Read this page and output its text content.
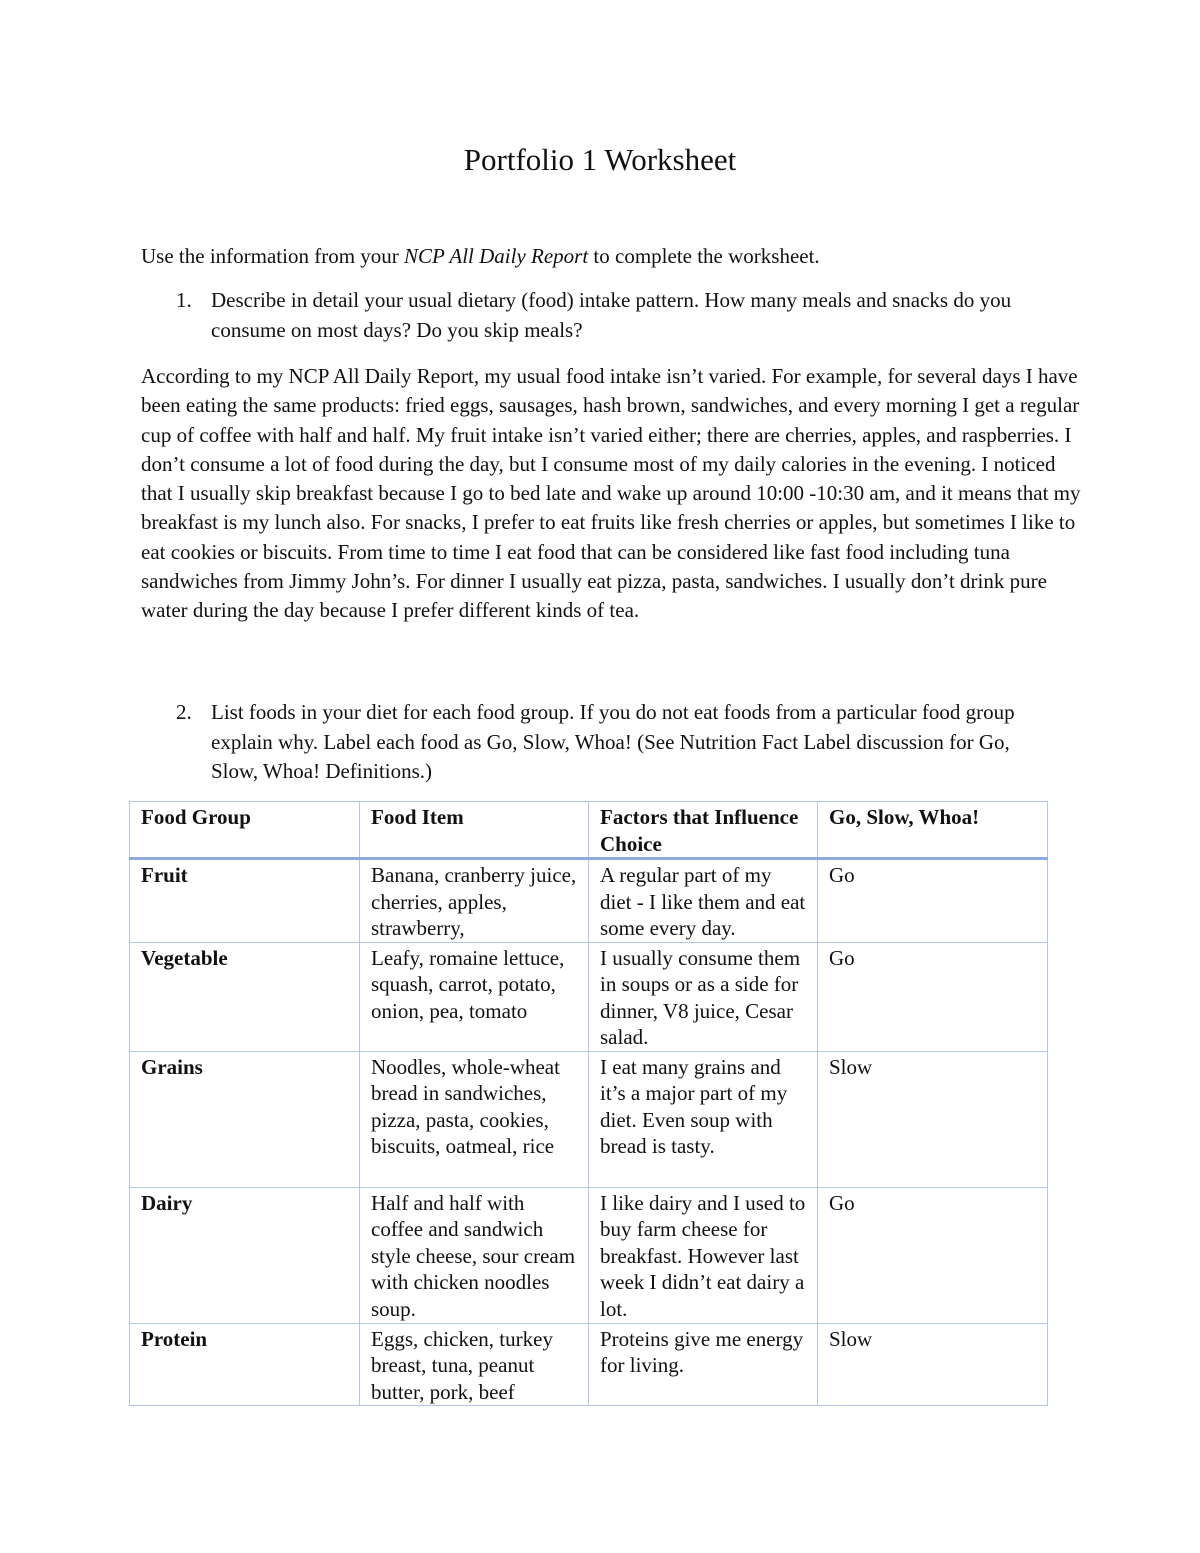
Portfolio 1 Worksheet

Use the information from your NCP All Daily Report to complete the worksheet.

1. Describe in detail your usual dietary (food) intake pattern. How many meals and snacks do you consume on most days? Do you skip meals?

According to my NCP All Daily Report, my usual food intake isn’t varied. For example, for several days I have been eating the same products: fried eggs, sausages, hash brown, sandwiches, and every morning I get a regular cup of coffee with half and half. My fruit intake isn’t varied either; there are cherries, apples, and raspberries. I don’t consume a lot of food during the day, but I consume most of my daily calories in the evening. I noticed that I usually skip breakfast because I go to bed late and wake up around 10:00 -10:30 am, and it means that my breakfast is my lunch also. For snacks, I prefer to eat fruits like fresh cherries or apples, but sometimes I like to eat cookies or biscuits. From time to time I eat food that can be considered like fast food including tuna sandwiches from Jimmy John’s. For dinner I usually eat pizza, pasta, sandwiches. I usually don’t drink pure water during the day because I prefer different kinds of tea.

2. List foods in your diet for each food group. If you do not eat foods from a particular food group explain why. Label each food as Go, Slow, Whoa! (See Nutrition Fact Label discussion for Go, Slow, Whoa! Definitions.)
Food Group	Food Item	Factors that Influence Choice	Go, Slow, Whoa!
Fruit	Banana, cranberry juice, cherries, apples, strawberry,	A regular part of my diet - I like them and eat some every day.	Go
Vegetable	Leafy, romaine lettuce, squash, carrot, potato, onion, pea, tomato	I usually consume them in soups or as a side for dinner, V8 juice, Cesar salad.	Go
Grains	Noodles, whole-wheat bread in sandwiches, pizza, pasta, cookies, biscuits, oatmeal, rice	I eat many grains and it’s a major part of my diet. Even soup with bread is tasty.	Slow
Dairy	Half and half with coffee and sandwich style cheese, sour cream with chicken noodles soup.	I like dairy and I used to buy farm cheese for breakfast. However last week I didn’t eat dairy a lot.	Go
Protein	Eggs, chicken, turkey breast, tuna, peanut butter, pork, beef	Proteins give me energy for living.	Slow
